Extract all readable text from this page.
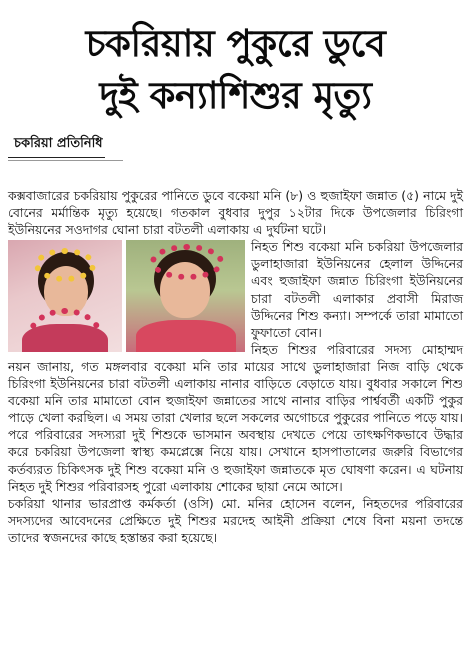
চকরিয়ায় পুকুরে ডুবে
দুই কন্যাশিশুর মৃত্যু
চকরিয়া প্রতিনিধি

কক্সবাজারের চকরিয়ায় পুকুরের পানিতে ডুবে বকেয়া মনি (৮) ও হুজাইফা জন্নাত (৫) নামে দুই বোনের মর্মান্তিক মৃত্যু হয়েছে। গতকাল বুধবার দুপুর ১২টার দিকে উপজেলার চিরিংগা ইউনিয়নের সওদাগর ঘোনা চারা বটতলী এলাকায় এ দুর্ঘটনা ঘটে।

নিহত শিশু বকেয়া মনি চকরিয়া উপজেলার ডুলাহাজারা ইউনিয়নের হেলাল উদ্দিনের এবং হুজাইফা জন্নাত চিরিংগা ইউনিয়নের চারা বটতলী এলাকার প্রবাসী মিরাজ উদ্দিনের শিশু কন্যা। সম্পর্কে তারা মামাতো ফুফাতো বোন।

নিহত শিশুর পরিবারের সদস্য মোহাম্মদ নয়ন জানায়, গত মঙ্গলবার বকেয়া মনি তার মায়ের সাথে ডুলাহাজারা নিজ বাড়ি থেকে চিরিংগা ইউনিয়নের চারা বটতলী এলাকায় নানার বাড়িতে বেড়াতে যায়। বুধবার সকালে শিশু বকেয়া মনি তার মামাতো বোন হুজাইফা জন্নাতের সাথে নানার বাড়ির পার্শ্ববর্তী একটি পুকুর পাড়ে খেলা করছিল। এ সময় তারা খেলার ছলে সকলের অগোচরে পুকুরের পানিতে পড়ে যায়। পরে পরিবারের সদস্যরা দুই শিশুকে ভাসমান অবস্থায় দেখতে পেয়ে তাৎক্ষণিকভাবে উদ্ধার করে চকরিয়া উপজেলা স্বাস্থ্য কমপ্লেক্সে নিয়ে যায়। সেখানে হাসপাতালের জরুরি বিভাগের কর্তব্যরত চিকিৎসক দুই শিশু বকেয়া মনি ও হুজাইফা জন্নাতকে মৃত ঘোষণা করেন। এ ঘটনায় নিহত দুই শিশুর পরিবারসহ পুরো এলাকায় শোকের ছায়া নেমে আসে।

চকরিয়া থানার ভারপ্রাপ্ত কর্মকর্তা (ওসি) মো. মনির হোসেন বলেন, নিহতদের পরিবারের সদস্যদের আবেদনের প্রেক্ষিতে দুই শিশুর মরদেহ আইনী প্রক্রিয়া শেষে বিনা ময়না তদন্তে তাদের স্বজনদের কাছে হস্তান্তর করা হয়েছে।
